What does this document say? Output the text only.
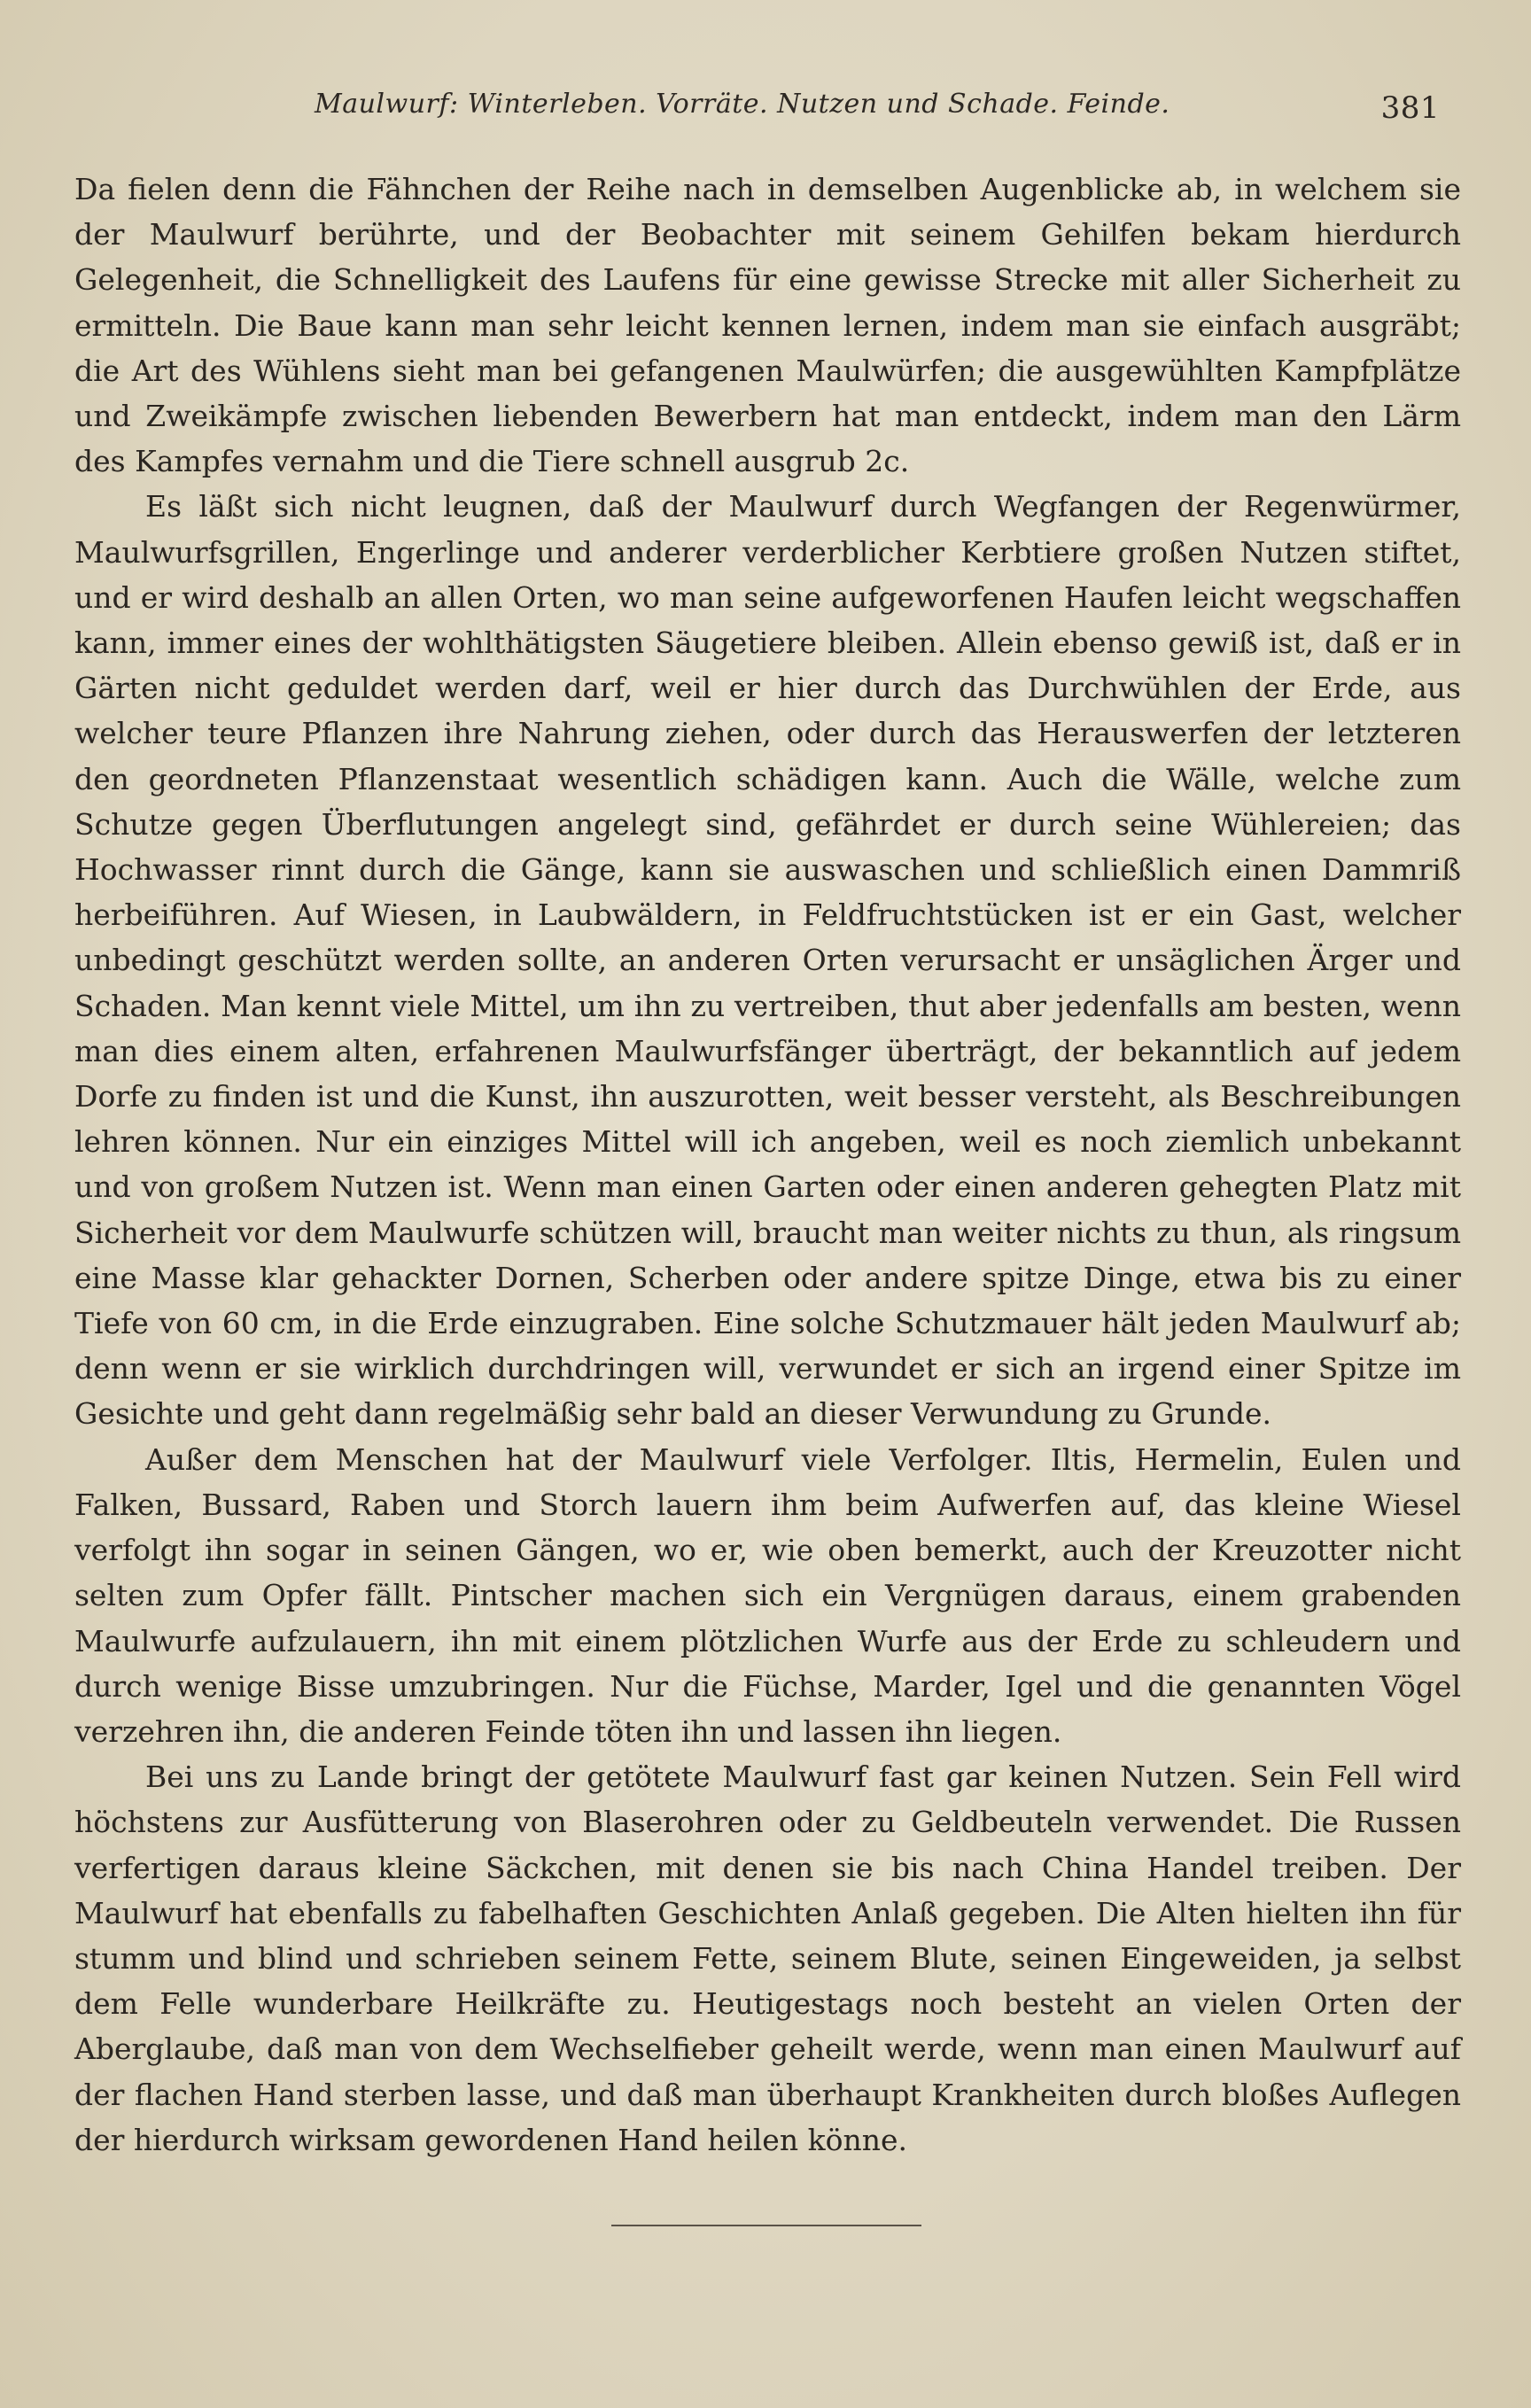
Maulwurf: Winterleben. Vorräte. Nutzen und Schade. Feinde.	381

Da fielen denn die Fähnchen der Reihe nach in demselben Augenblicke ab, in welchem sie der Maulwurf berührte, und der Beobachter mit seinem Gehilfen bekam hierdurch Gelegenheit, die Schnelligkeit des Laufens für eine gewisse Strecke mit aller Sicherheit zu ermitteln. Die Baue kann man sehr leicht kennen lernen, indem man sie einfach ausgräbt; die Art des Wühlens sieht man bei gefangenen Maulwürfen; die ausgewühlten Kampfplätze und Zweikämpfe zwischen liebenden Bewerbern hat man entdeckt, indem man den Lärm des Kampfes vernahm und die Tiere schnell ausgrub 2c.

Es läßt sich nicht leugnen, daß der Maulwurf durch Wegfangen der Regenwürmer, Maulwurfsgrillen, Engerlinge und anderer verderblicher Kerbtiere großen Nutzen stiftet, und er wird deshalb an allen Orten, wo man seine aufgeworfenen Haufen leicht wegschaffen kann, immer eines der wohlthätigsten Säugetiere bleiben. Allein ebenso gewiß ist, daß er in Gärten nicht geduldet werden darf, weil er hier durch das Durchwühlen der Erde, aus welcher teure Pflanzen ihre Nahrung ziehen, oder durch das Herauswerfen der letzteren den geordneten Pflanzenstaat wesentlich schädigen kann. Auch die Wälle, welche zum Schutze gegen Überflutungen angelegt sind, gefährdet er durch seine Wühlereien; das Hochwasser rinnt durch die Gänge, kann sie auswaschen und schließlich einen Dammriß herbeiführen. Auf Wiesen, in Laubwäldern, in Feldfruchtstücken ist er ein Gast, welcher unbedingt geschützt werden sollte, an anderen Orten verursacht er unsäglichen Ärger und Schaden. Man kennt viele Mittel, um ihn zu vertreiben, thut aber jedenfalls am besten, wenn man dies einem alten, erfahrenen Maulwurfsfänger überträgt, der bekanntlich auf jedem Dorfe zu finden ist und die Kunst, ihn auszurotten, weit besser versteht, als Beschreibungen lehren können. Nur ein einziges Mittel will ich angeben, weil es noch ziemlich unbekannt und von großem Nutzen ist. Wenn man einen Garten oder einen anderen gehegten Platz mit Sicherheit vor dem Maulwurfe schützen will, braucht man weiter nichts zu thun, als ringsum eine Masse klar gehackter Dornen, Scherben oder andere spitze Dinge, etwa bis zu einer Tiefe von 60 cm, in die Erde einzugraben. Eine solche Schutzmauer hält jeden Maulwurf ab; denn wenn er sie wirklich durchdringen will, verwundet er sich an irgend einer Spitze im Gesichte und geht dann regelmäßig sehr bald an dieser Verwundung zu Grunde.

Außer dem Menschen hat der Maulwurf viele Verfolger. Iltis, Hermelin, Eulen und Falken, Bussard, Raben und Storch lauern ihm beim Aufwerfen auf, das kleine Wiesel verfolgt ihn sogar in seinen Gängen, wo er, wie oben bemerkt, auch der Kreuzotter nicht selten zum Opfer fällt. Pintscher machen sich ein Vergnügen daraus, einem grabenden Maulwurfe aufzulauern, ihn mit einem plötzlichen Wurfe aus der Erde zu schleudern und durch wenige Bisse umzubringen. Nur die Füchse, Marder, Igel und die genannten Vögel verzehren ihn, die anderen Feinde töten ihn und lassen ihn liegen.

Bei uns zu Lande bringt der getötete Maulwurf fast gar keinen Nutzen. Sein Fell wird höchstens zur Ausfütterung von Blaserohren oder zu Geldbeuteln verwendet. Die Russen verfertigen daraus kleine Säckchen, mit denen sie bis nach China Handel treiben. Der Maulwurf hat ebenfalls zu fabelhaften Geschichten Anlaß gegeben. Die Alten hielten ihn für stumm und blind und schrieben seinem Fette, seinem Blute, seinen Eingeweiden, ja selbst dem Felle wunderbare Heilkräfte zu. Heutigestags noch besteht an vielen Orten der Aberglaube, daß man von dem Wechselfieber geheilt werde, wenn man einen Maulwurf auf der flachen Hand sterben lasse, und daß man überhaupt Krankheiten durch bloßes Auflegen der hierdurch wirksam gewordenen Hand heilen könne.
